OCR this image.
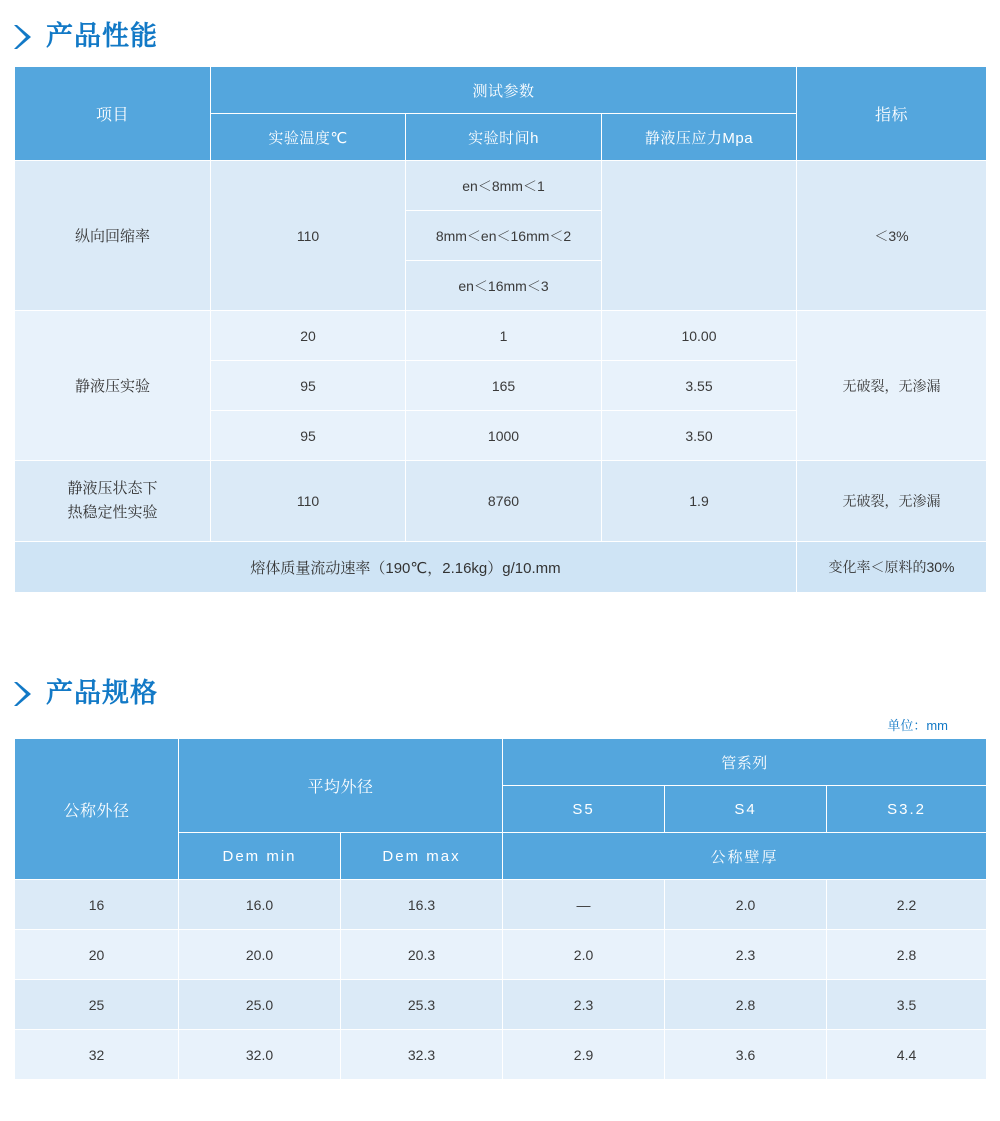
产品性能
项目	测试参数			指标
	实验温度℃	实验时间h	静液压应力Mpa	
纵向回缩率	110	en＜8mm＜1		＜3%
		8mm＜en＜16mm＜2		
		en＜16mm＜3		
静液压实验	20	1	10.00	无破裂，无渗漏
	95	165	3.55	
	95	1000	3.50	

静液压状态下
热稳定性实验	110	8760	1.9	无破裂，无渗漏
熔体质量流动速率（190℃，2.16kg）g/10.mm				变化率＜原料的30%
产品规格
单位：mm
公称外径	平均外径		管系列		
			S5	S4	S3.2
	Dem min	Dem max	公称壁厚		
16	16.0	16.3	—	2.0	2.2
20	20.0	20.3	2.0	2.3	2.8
25	25.0	25.3	2.3	2.8	3.5
32	32.0	32.3	2.9	3.6	4.4
